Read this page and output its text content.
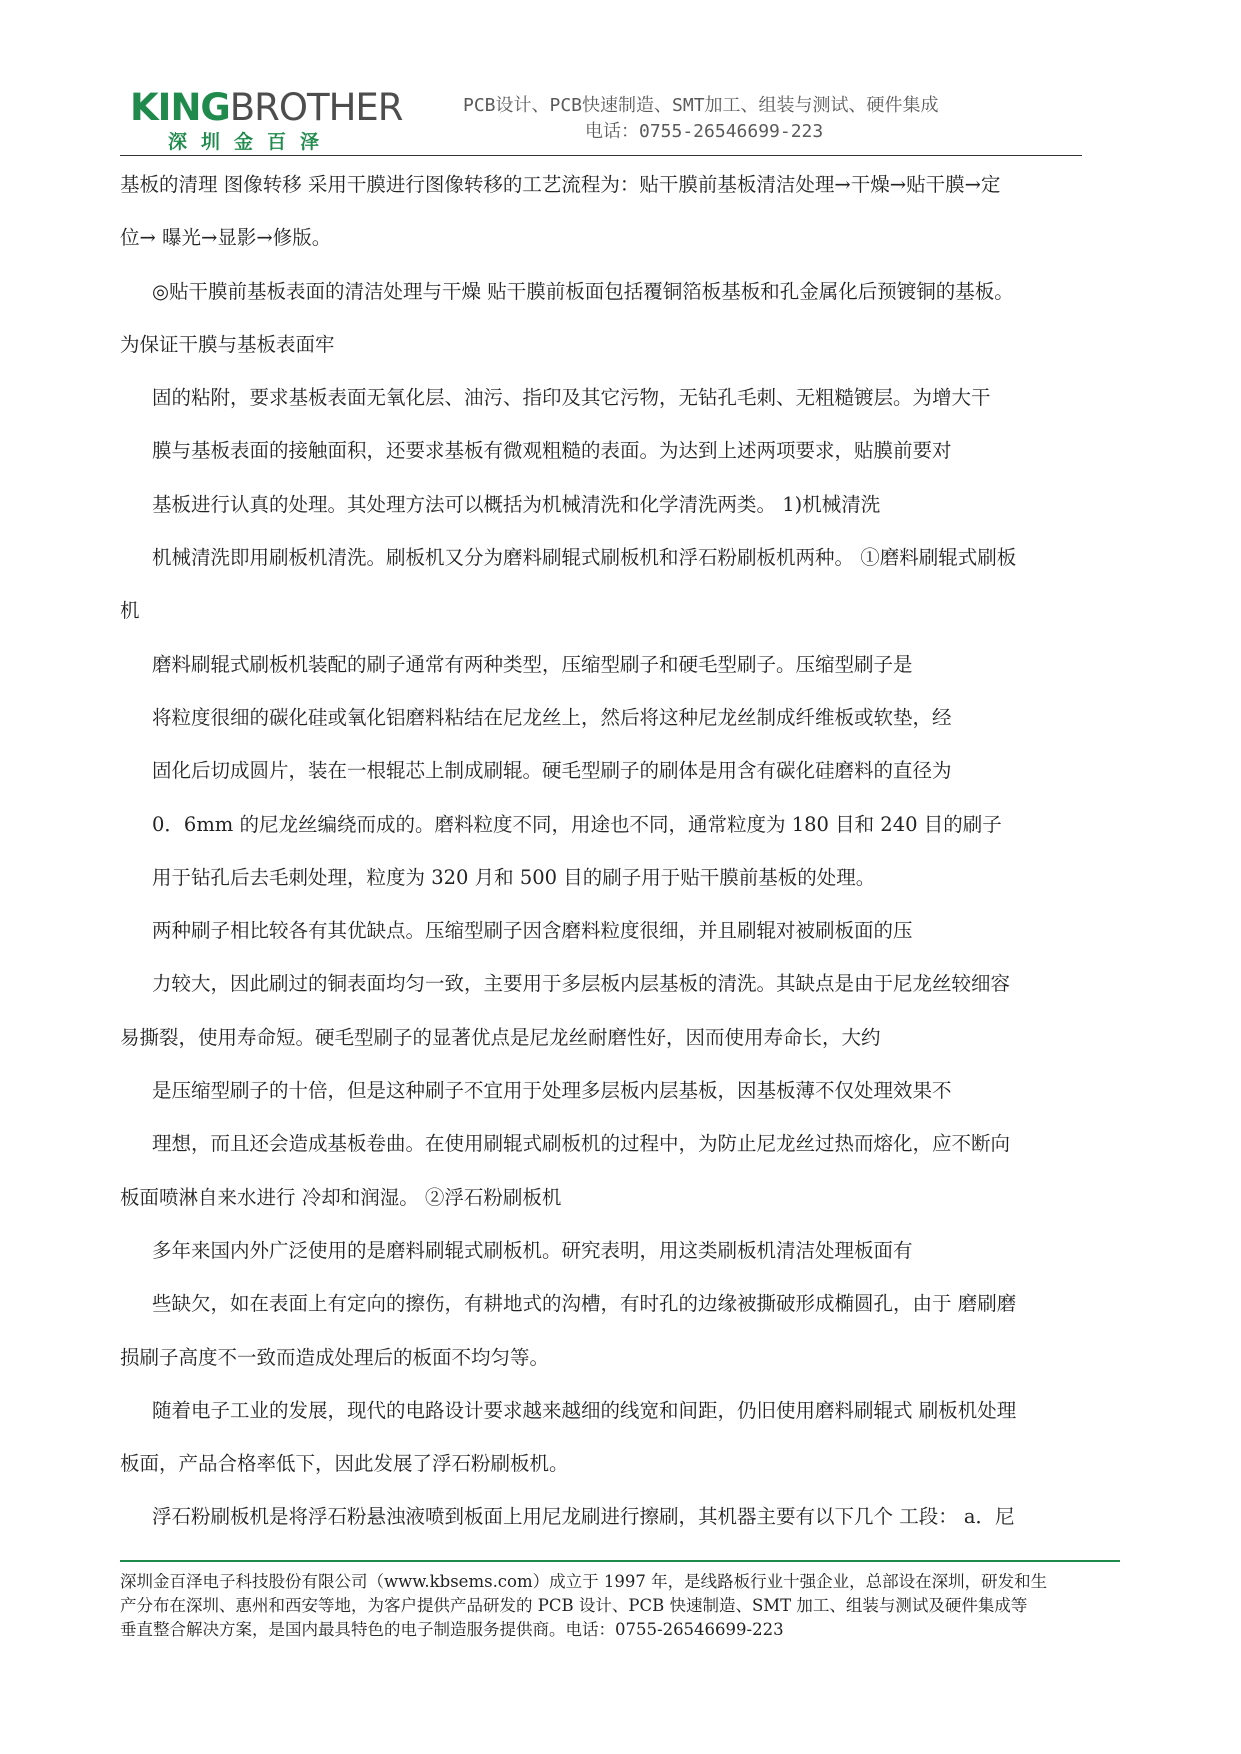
KINGBROTHER
深圳金百泽
PCB设计、PCB快速制造、SMT加工、组装与测试、硬件集成
电话：0755-26546699-223
基板的清理 图像转移 采用干膜进行图像转移的工艺流程为：贴干膜前基板清洁处理→干燥→贴干膜→定
位→ 曝光→显影→修版。
◎贴干膜前基板表面的清洁处理与干燥 贴干膜前板面包括覆铜箔板基板和孔金属化后预镀铜的基板。
为保证干膜与基板表面牢
固的粘附，要求基板表面无氧化层、油污、指印及其它污物，无钻孔毛刺、无粗糙镀层。为增大干
膜与基板表面的接触面积，还要求基板有微观粗糙的表面。为达到上述两项要求，贴膜前要对
基板进行认真的处理。其处理方法可以概括为机械清洗和化学清洗两类。 1)机械清洗
机械清洗即用刷板机清洗。刷板机又分为磨料刷辊式刷板机和浮石粉刷板机两种。 ①磨料刷辊式刷板
机
磨料刷辊式刷板机装配的刷子通常有两种类型，压缩型刷子和硬毛型刷子。压缩型刷子是
将粒度很细的碳化硅或氧化铝磨料粘结在尼龙丝上，然后将这种尼龙丝制成纤维板或软垫，经
固化后切成圆片，装在一根辊芯上制成刷辊。硬毛型刷子的刷体是用含有碳化硅磨料的直径为
0．6mm 的尼龙丝编绕而成的。磨料粒度不同，用途也不同，通常粒度为 180 目和 240 目的刷子
用于钻孔后去毛刺处理，粒度为 320 月和 500 目的刷子用于贴干膜前基板的处理。
两种刷子相比较各有其优缺点。压缩型刷子因含磨料粒度很细，并且刷辊对被刷板面的压
力较大，因此刷过的铜表面均匀一致，主要用于多层板内层基板的清洗。其缺点是由于尼龙丝较细容
易撕裂，使用寿命短。硬毛型刷子的显著优点是尼龙丝耐磨性好，因而使用寿命长，大约
是压缩型刷子的十倍，但是这种刷子不宜用于处理多层板内层基板，因基板薄不仅处理效果不
理想，而且还会造成基板卷曲。在使用刷辊式刷板机的过程中，为防止尼龙丝过热而熔化，应不断向
板面喷淋自来水进行 冷却和润湿。 ②浮石粉刷板机
多年来国内外广泛使用的是磨料刷辊式刷板机。研究表明，用这类刷板机清洁处理板面有
些缺欠，如在表面上有定向的擦伤，有耕地式的沟槽，有时孔的边缘被撕破形成椭圆孔，由于 磨刷磨
损刷子高度不一致而造成处理后的板面不均匀等。
随着电子工业的发展，现代的电路设计要求越来越细的线宽和间距，仍旧使用磨料刷辊式 刷板机处理
板面，产品合格率低下，因此发展了浮石粉刷板机。
浮石粉刷板机是将浮石粉悬浊液喷到板面上用尼龙刷进行擦刷，其机器主要有以下几个 工段： a．尼
深圳金百泽电子科技股份有限公司（www.kbsems.com）成立于 1997 年，是线路板行业十强企业，总部设在深圳，研发和生
产分布在深圳、惠州和西安等地，为客户提供产品研发的 PCB 设计、PCB 快速制造、SMT 加工、组装与测试及硬件集成等
垂直整合解决方案，是国内最具特色的电子制造服务提供商。电话：0755-26546699-223
